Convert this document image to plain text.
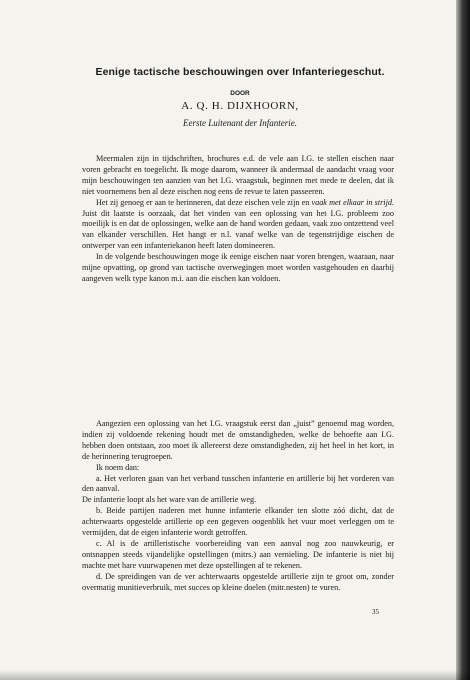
Eenige tactische beschouwingen over Infanteriegeschut.
DOOR
A. Q. H. DIJXHOORN,
Eerste Luitenant der Infanterie.

Meermalen zijn in tijdschriften, brochures e.d. de vele aan I.G. te stellen eischen naar voren gebracht en toegelicht. Ik moge daarom, wanneer ik andermaal de aandacht vraag voor mijn beschouwingen ten aanzien van het I.G. vraagstuk, beginnen met mede te deelen, dat ik niet voornemens ben al deze eischen nog eens de revue te laten passeeren.

Het zij genoeg er aan te herinneren, dat deze eischen vele zijn en vaak met elkaar in strijd. Juist dit laatste is oorzaak, dat het vinden van een oplossing van het I.G. probleem zoo moeilijk is en dat de oplossingen, welke aan de hand worden gedaan, vaak zoo ontzettend veel van elkander verschillen. Het hangt er n.l. vanaf welke van de tegenstrijdige eischen de ontwerper van een infanteriekanon heeft laten domineeren.

In de volgende beschouwingen moge ik eenige eischen naar voren brengen, waaraan, naar mijne opvatting, op grond van tactische overwegingen moet worden vastgehouden en daarbij aangeven welk type kanon m.i. aan die eischen kan voldoen.

Aangezien een oplossing van het I.G. vraagstuk eerst dan „juist” genoemd mag worden, indien zij voldoende rekening houdt met de omstandigheden, welke de behoefte aan I.G. hebben doen ontstaan, zoo moet ik allereerst deze omstandigheden, zij het heel in het kort, in de herinnering terugroepen.

Ik noem dan:

a. Het verloren gaan van het verband tusschen infanterie en artillerie bij het vorderen van den aanval.

De infanterie loopt als het ware van de artillerie weg.

b. Beide partijen naderen met hunne infanterie elkander ten slotte zóó dicht, dat de achterwaarts opgestelde artillerie op een gegeven oogenblik het vuur moet verleggen om te vermijden, dat de eigen infanterie wordt getroffen.

c. Al is de artilleristische voorbereiding van een aanval nog zoo nauwkeurig, er ontsnappen steeds vijandelijke opstellingen (mitrs.) aan vernieling. De infanterie is niet bij machte met hare vuurwapenen met deze opstellingen af te rekenen.

d. De spreidingen van de ver achterwaarts opgestelde artillerie zijn te groot om, zonder overmatig munitieverbruik, met succes op kleine doelen (mitr.nesten) te vuren.

35
